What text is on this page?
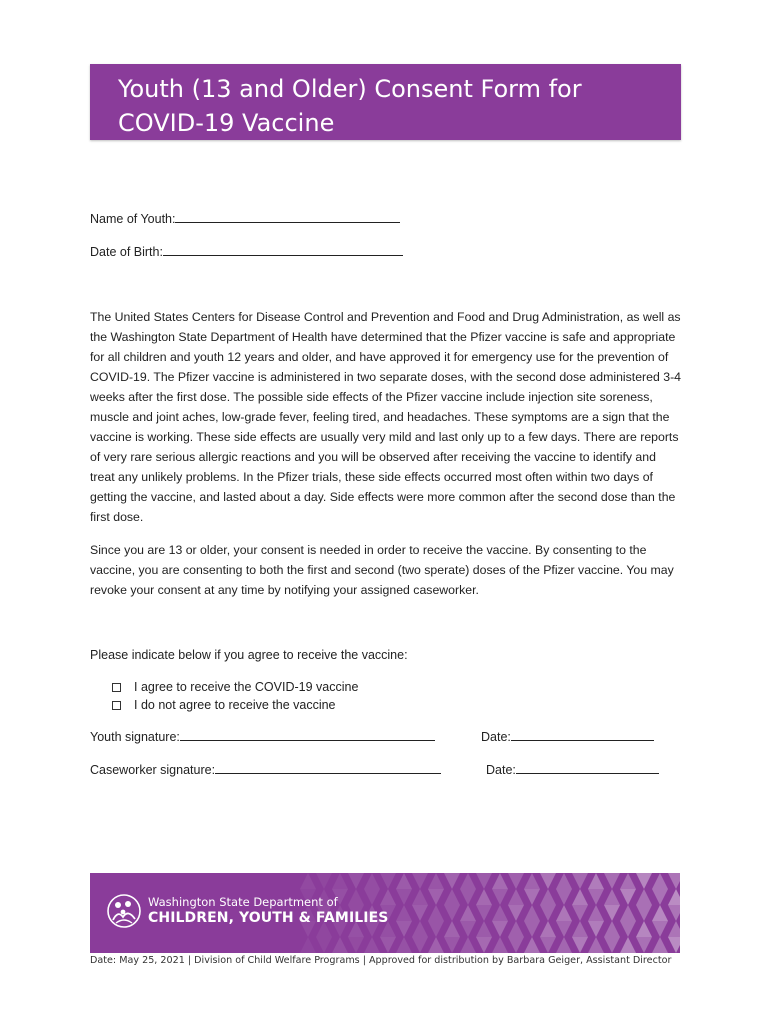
Youth (13 and Older) Consent Form for COVID-19 Vaccine
Name of Youth:
Date of Birth:

The United States Centers for Disease Control and Prevention and Food and Drug Administration, as well as the Washington State Department of Health have determined that the Pfizer vaccine is safe and appropriate for all children and youth 12 years and older, and have approved it for emergency use for the prevention of COVID-19. The Pfizer vaccine is administered in two separate doses, with the second dose administered 3-4 weeks after the first dose. The possible side effects of the Pfizer vaccine include injection site soreness, muscle and joint aches, low-grade fever, feeling tired, and headaches. These symptoms are a sign that the vaccine is working. These side effects are usually very mild and last only up to a few days. There are reports of very rare serious allergic reactions and you will be observed after receiving the vaccine to identify and treat any unlikely problems. In the Pfizer trials, these side effects occurred most often within two days of getting the vaccine, and lasted about a day. Side effects were more common after the second dose than the first dose.

Since you are 13 or older, your consent is needed in order to receive the vaccine. By consenting to the vaccine, you are consenting to both the first and second (two sperate) doses of the Pfizer vaccine. You may revoke your consent at any time by notifying your assigned caseworker.

Please indicate below if you agree to receive the vaccine:
I agree to receive the COVID-19 vaccine
I do not agree to receive the vaccine
Youth signature:	Date:
Caseworker signature:	Date:
Washington State Department of
CHILDREN, YOUTH & FAMILIES
Date: May 25, 2021 | Division of Child Welfare Programs | Approved for distribution by Barbara Geiger, Assistant Director
